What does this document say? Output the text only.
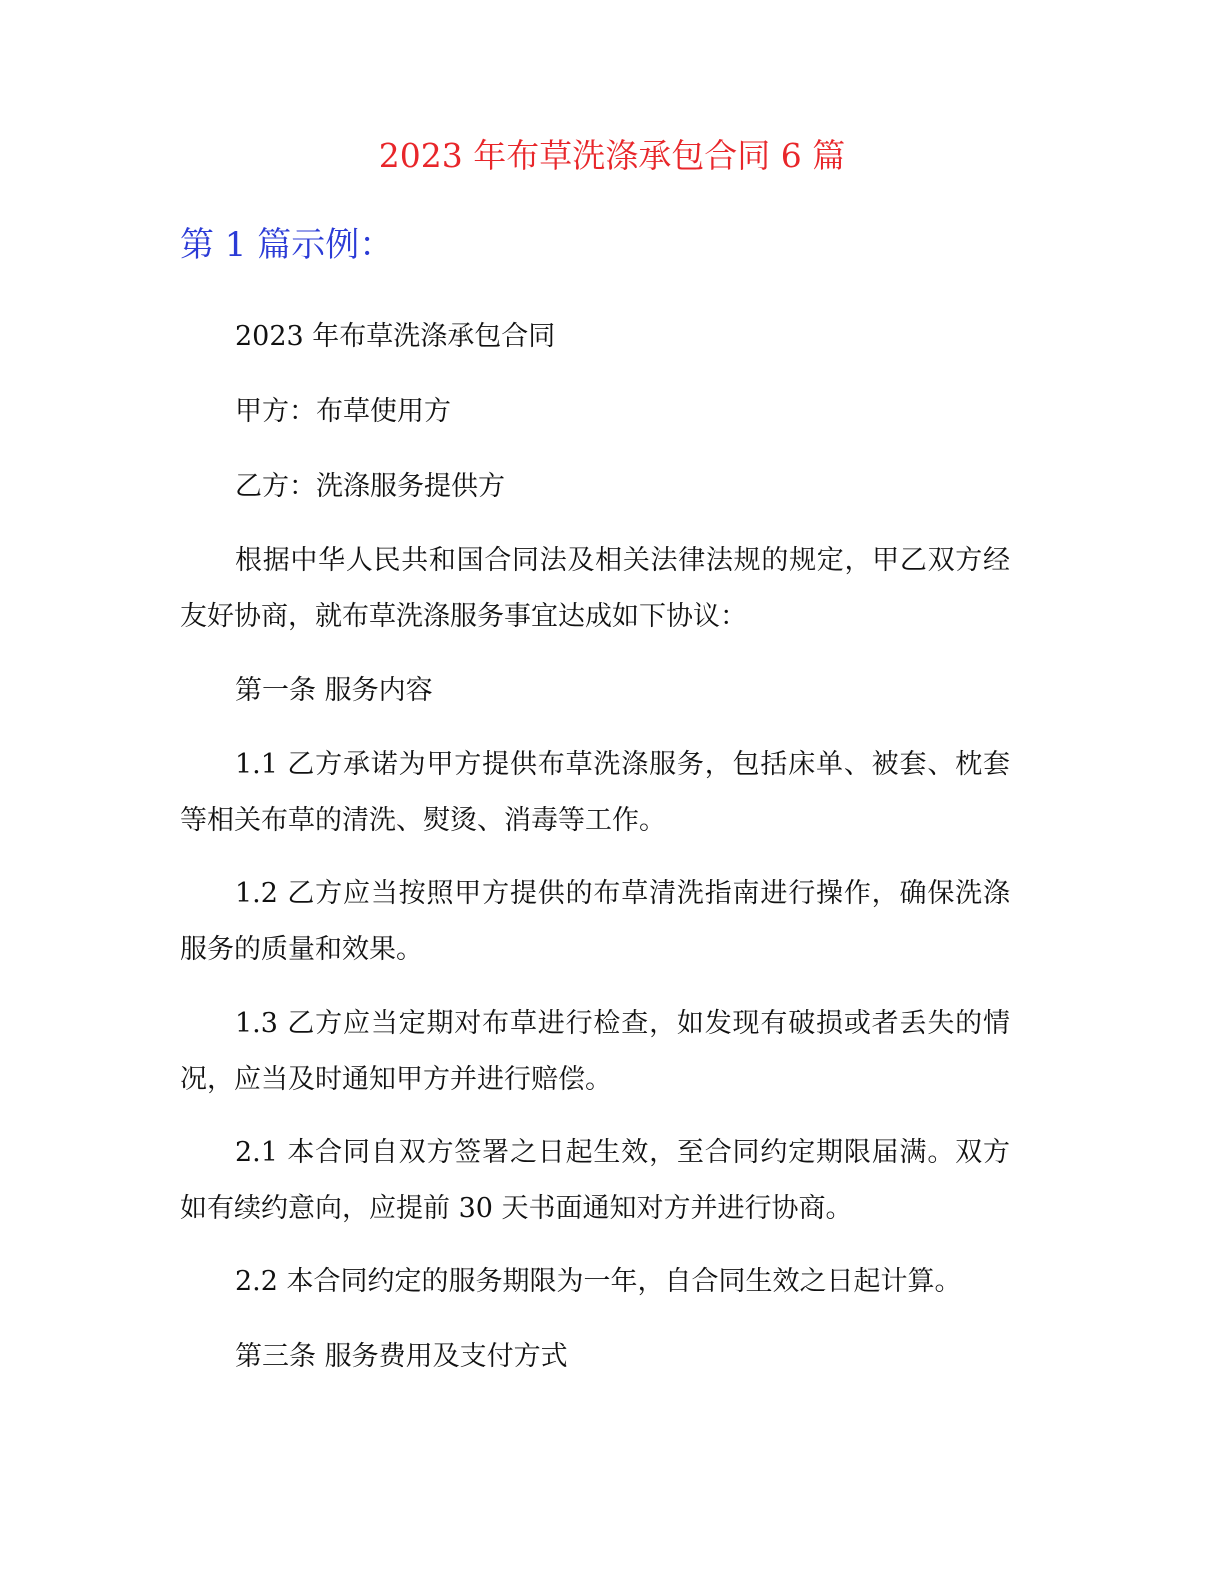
2023 年布草洗涤承包合同 6 篇
第 1 篇示例：

2023 年布草洗涤承包合同

甲方：布草使用方

乙方：洗涤服务提供方

根据中华人民共和国合同法及相关法律法规的规定，甲乙双方经友好协商，就布草洗涤服务事宜达成如下协议：

第一条 服务内容

1.1 乙方承诺为甲方提供布草洗涤服务，包括床单、被套、枕套等相关布草的清洗、熨烫、消毒等工作。

1.2 乙方应当按照甲方提供的布草清洗指南进行操作，确保洗涤服务的质量和效果。

1.3 乙方应当定期对布草进行检查，如发现有破损或者丢失的情况，应当及时通知甲方并进行赔偿。

2.1 本合同自双方签署之日起生效，至合同约定期限届满。双方如有续约意向，应提前 30 天书面通知对方并进行协商。

2.2 本合同约定的服务期限为一年，自合同生效之日起计算。

第三条 服务费用及支付方式
